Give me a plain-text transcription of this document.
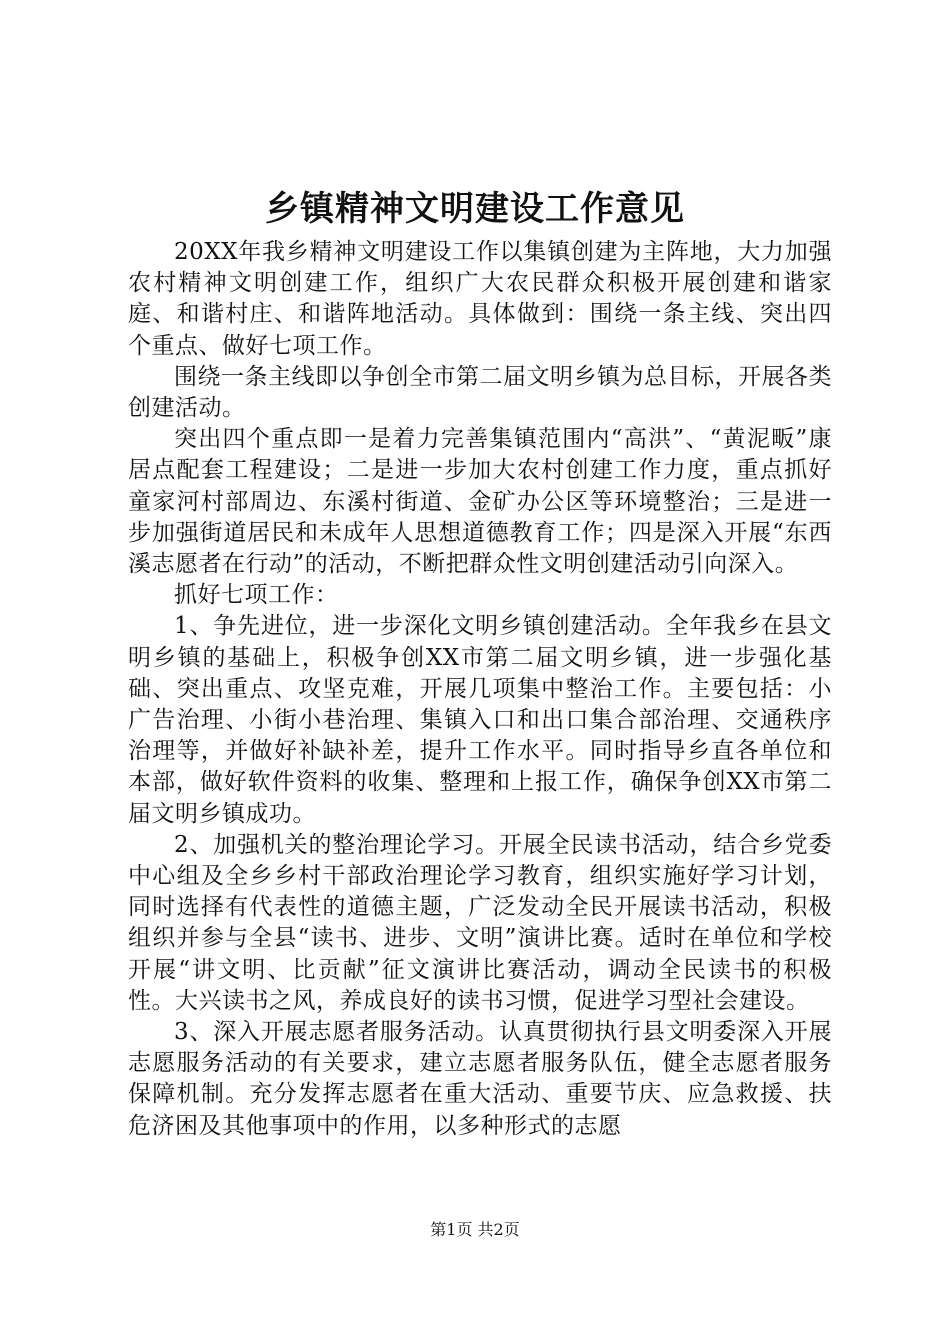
乡镇精神文明建设工作意见

20XX年我乡精神文明建设工作以集镇创建为主阵地，大力加强农村精神文明创建工作，组织广大农民群众积极开展创建和谐家庭、和谐村庄、和谐阵地活动。具体做到：围绕一条主线、突出四个重点、做好七项工作。

围绕一条主线即以争创全市第二届文明乡镇为总目标，开展各类创建活动。

突出四个重点即一是着力完善集镇范围内“高洪”、“黄泥畈”康居点配套工程建设；二是进一步加大农村创建工作力度，重点抓好童家河村部周边、东溪村街道、金矿办公区等环境整治；三是进一步加强街道居民和未成年人思想道德教育工作；四是深入开展“东西溪志愿者在行动”的活动，不断把群众性文明创建活动引向深入。

抓好七项工作：

1、争先进位，进一步深化文明乡镇创建活动。全年我乡在县文明乡镇的基础上，积极争创XX市第二届文明乡镇，进一步强化基础、突出重点、攻坚克难，开展几项集中整治工作。主要包括：小广告治理、小街小巷治理、集镇入口和出口集合部治理、交通秩序治理等，并做好补缺补差，提升工作水平。同时指导乡直各单位和本部，做好软件资料的收集、整理和上报工作，确保争创XX市第二届文明乡镇成功。

2、加强机关的整治理论学习。开展全民读书活动，结合乡党委中心组及全乡乡村干部政治理论学习教育，组织实施好学习计划，同时选择有代表性的道德主题，广泛发动全民开展读书活动，积极组织并参与全县“读书、进步、文明”演讲比赛。适时在单位和学校开展“讲文明、比贡献”征文演讲比赛活动，调动全民读书的积极性。大兴读书之风，养成良好的读书习惯，促进学习型社会建设。

3、深入开展志愿者服务活动。认真贯彻执行县文明委深入开展志愿服务活动的有关要求，建立志愿者服务队伍，健全志愿者服务保障机制。充分发挥志愿者在重大活动、重要节庆、应急救援、扶危济困及其他事项中的作用，以多种形式的志愿

第1页 共2页
